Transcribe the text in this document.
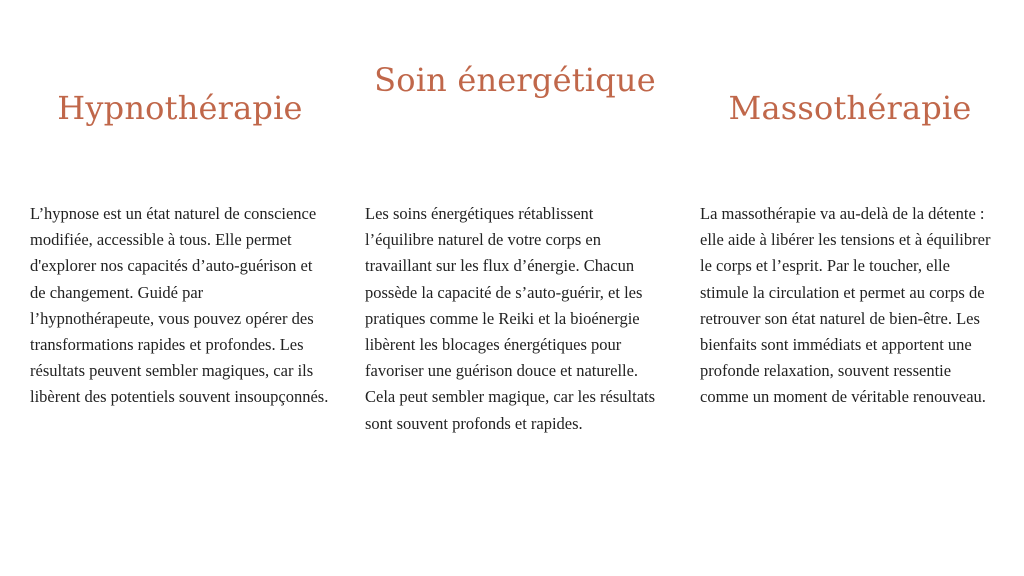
Hypnothérapie

L’hypnose est un état naturel de conscience modifiée, accessible à tous. Elle permet d'explorer nos capacités d’auto-guérison et de changement. Guidé par l’hypnothérapeute, vous pouvez opérer des transformations rapides et profondes. Les résultats peuvent sembler magiques, car ils libèrent des potentiels souvent insoupçonnés.

Soin énergétique

Les soins énergétiques rétablissent l’équilibre naturel de votre corps en travaillant sur les flux d’énergie. Chacun possède la capacité de s’auto-guérir, et les pratiques comme le Reiki et la bioénergie libèrent les blocages énergétiques pour favoriser une guérison douce et naturelle. Cela peut sembler magique, car les résultats sont souvent profonds et rapides.

Massothérapie

La massothérapie va au-delà de la détente : elle aide à libérer les tensions et à équilibrer le corps et l’esprit. Par le toucher, elle stimule la circulation et permet au corps de retrouver son état naturel de bien-être. Les bienfaits sont immédiats et apportent une profonde relaxation, souvent ressentie comme un moment de véritable renouveau.
